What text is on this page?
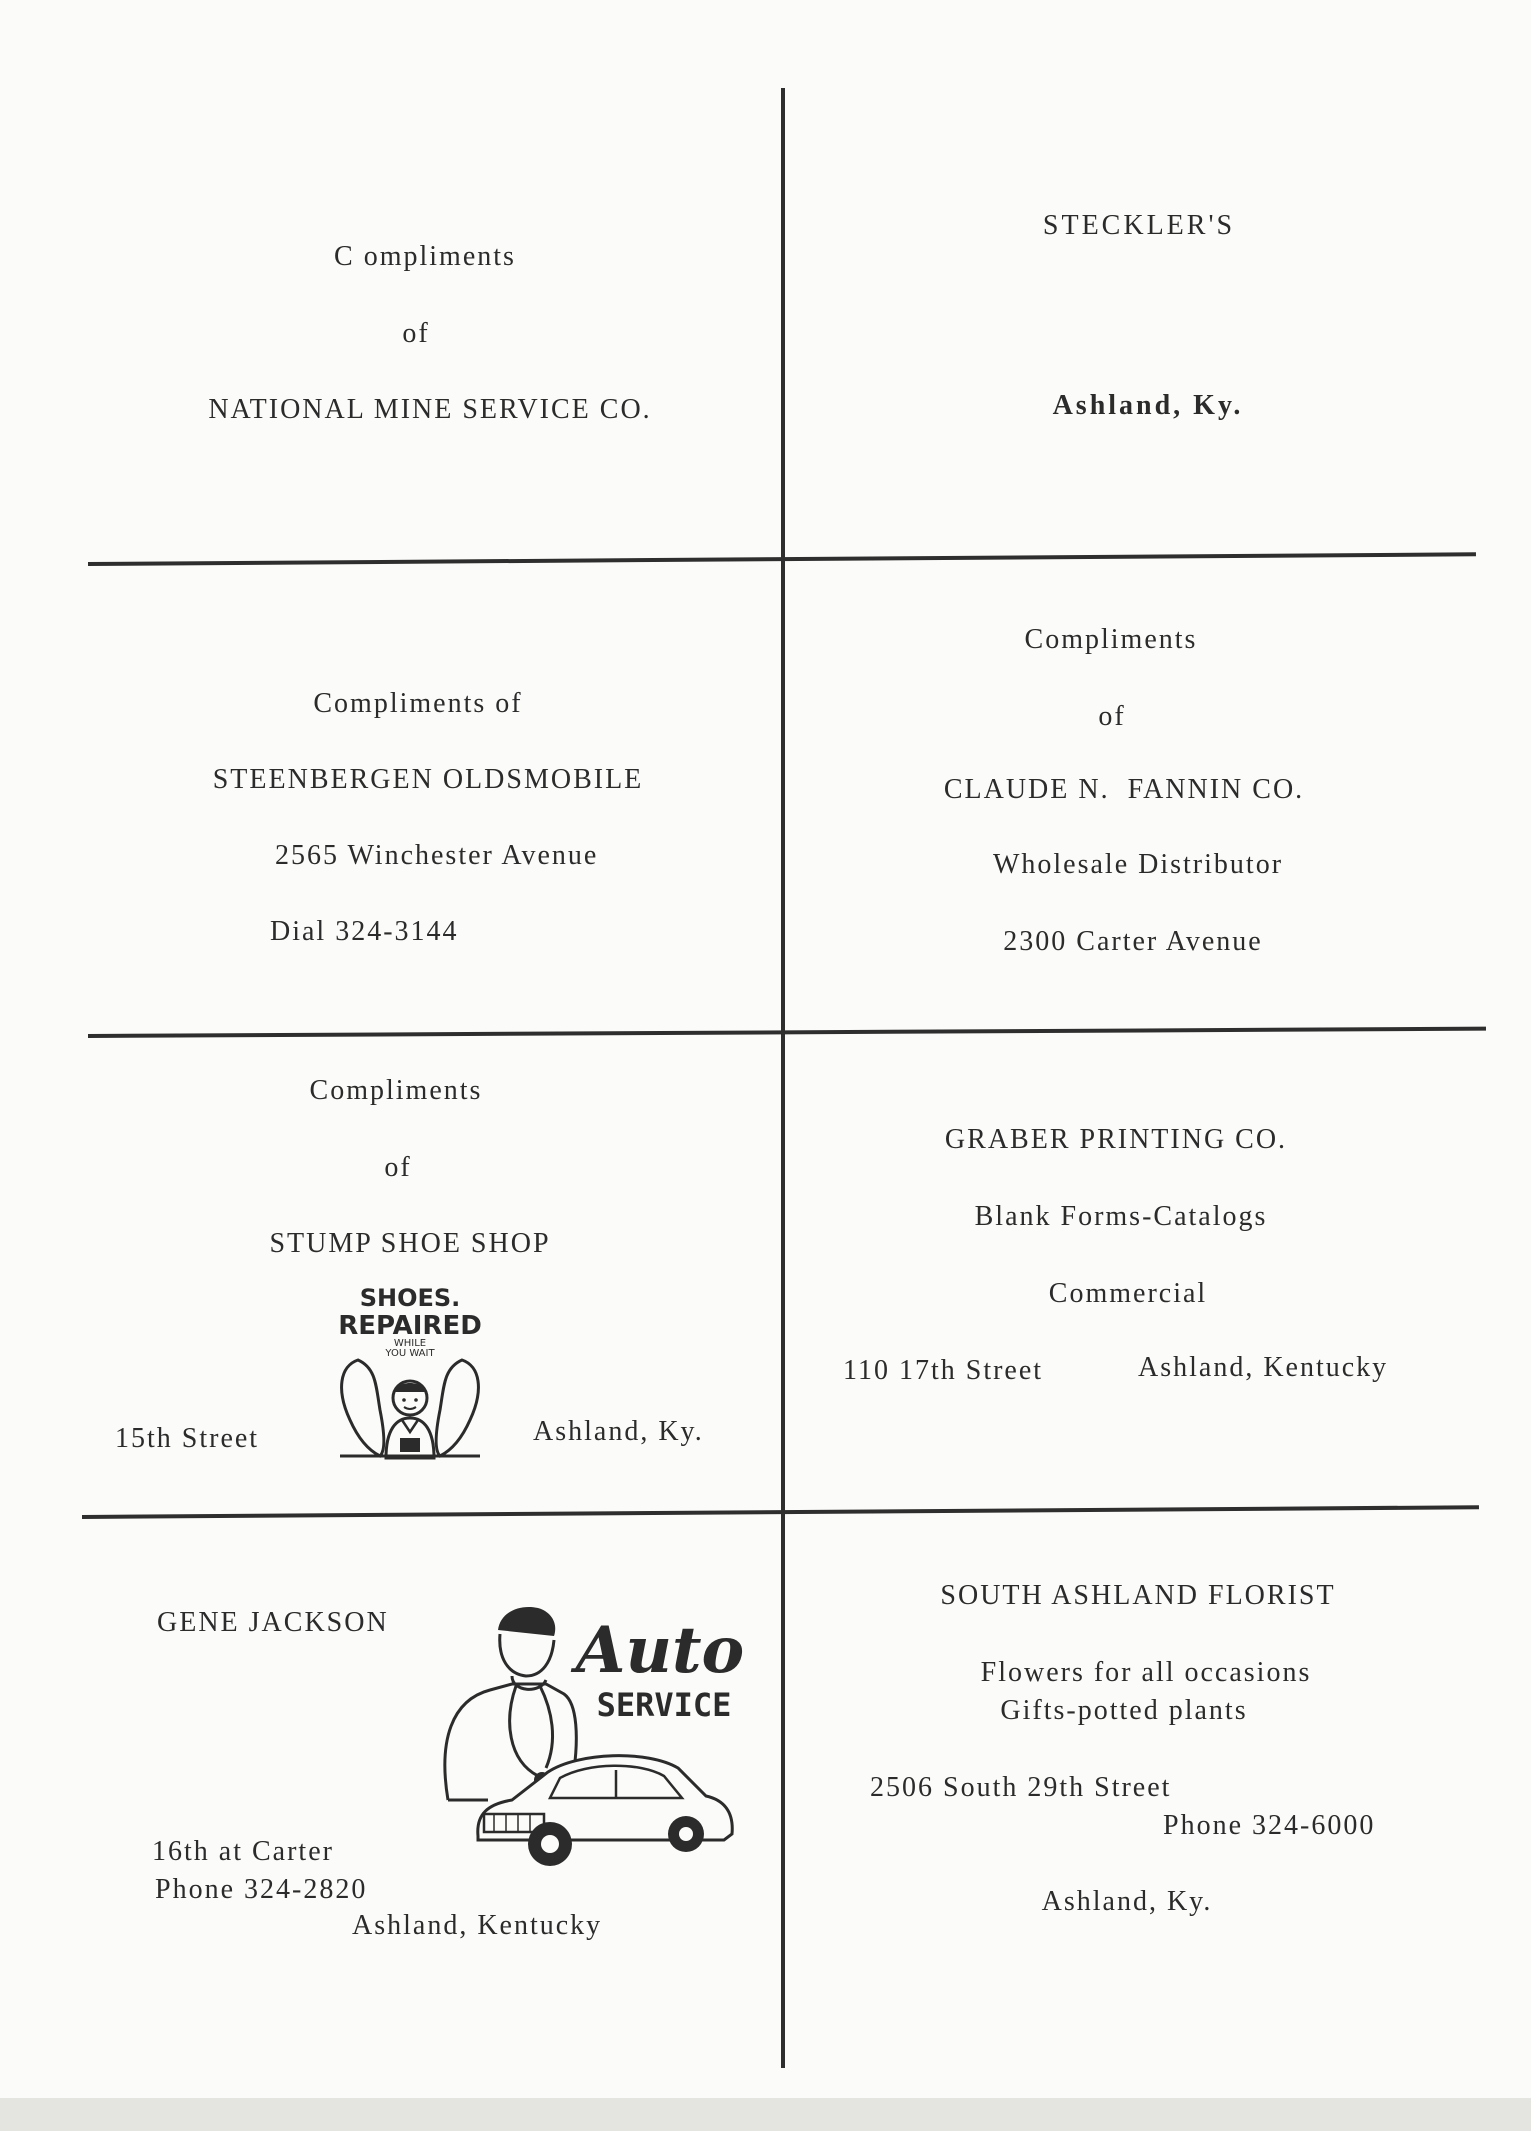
C ompliments
of
NATIONAL MINE SERVICE CO.
STECKLER'S
Ashland, Ky.
Compliments of
STEENBERGEN OLDSMOBILE
2565 Winchester Avenue
Dial 324-3144
Compliments
of
CLAUDE N.  FANNIN CO.
Wholesale Distributor
2300 Carter Avenue
Compliments
of
STUMP SHOE SHOP
SHOES.
REPAIRED
WHILE
YOU WAIT
15th Street	Ashland, Ky.
GRABER PRINTING CO.
Blank Forms-Catalogs
Commercial
110 17th Street	Ashland, Kentucky
GENE JACKSON	Auto
SERVICE
16th at Carter
Phone 324-2820
Ashland, Kentucky
SOUTH ASHLAND FLORIST
Flowers for all occasions
Gifts-potted plants
2506 South 29th Street
Phone 324-6000
Ashland, Ky.
